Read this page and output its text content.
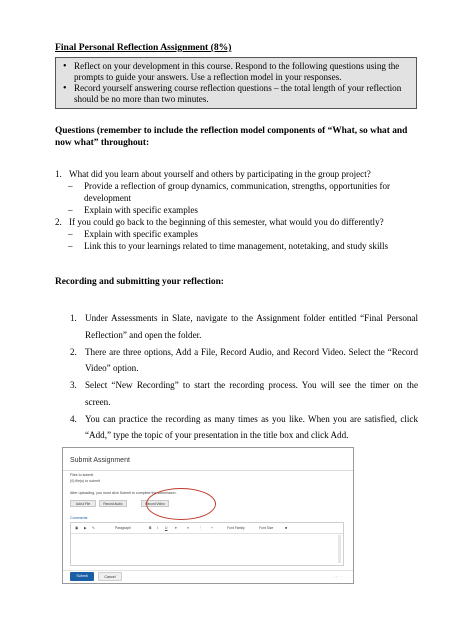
Final Personal Reflection Assignment (8%)
• Reflect on your development in this course. Respond to the following questions using the prompts to guide your answers. Use a reflection model in your responses.
• Record yourself answering course reflection questions – the total length of your reflection should be no more than two minutes.
Questions (remember to include the reflection model components of “What, so what and now what” throughout:
1. What did you learn about yourself and others by participating in the group project?
– Provide a reflection of group dynamics, communication, strengths, opportunities for development
– Explain with specific examples
2. If you could go back to the beginning of this semester, what would you do differently?
– Explain with specific examples
– Link this to your learnings related to time management, notetaking, and study skills
Recording and submitting your reflection:
1. Under Assessments in Slate, navigate to the Assignment folder entitled “Final Personal Reflection” and open the folder.
2. There are three options, Add a File, Record Audio, and Record Video. Select the “Record Video” option.
3. Select “New Recording” to start the recording process. You will see the timer on the screen.
4. You can practice the recording as many times as you like. When you are satisfied, click “Add,” type the topic of your presentation in the title box and click Add.
Submit Assignment
Files to submit
(0) file(s) to submit
After uploading, you must click Submit to complete the submission.
Add a File	Record Audio	Record Video
Comments
▣ ▶ ✎	Paragraph	B I U ▾	≡	⋮	+	Font Family	Font Size	■
Submit	Cancel	‹ › · · ·
